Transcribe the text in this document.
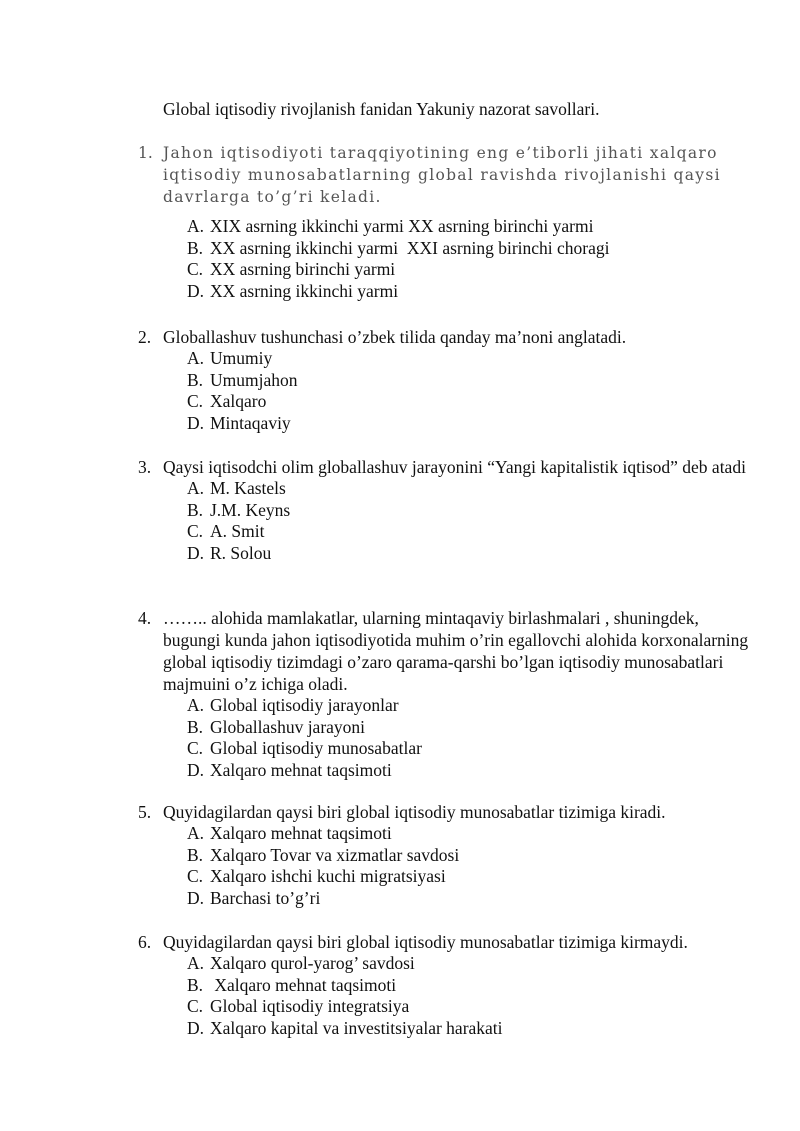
Global iqtisodiy rivojlanish fanidan Yakuniy nazorat savollari.
1. Jahon iqtisodiyoti taraqqiyotining eng e’tiborli jihati xalqaro iqtisodiy munosabatlarning global ravishda rivojlanishi qaysi davrlarga to’g’ri keladi.
A. XIX asrning ikkinchi yarmi XX asrning birinchi yarmi
B. XX asrning ikkinchi yarmi  XXI asrning birinchi choragi
C. XX asrning birinchi yarmi
D. XX asrning ikkinchi yarmi
2. Globallashuv tushunchasi o’zbek tilida qanday ma’noni anglatadi.
A. Umumiy
B. Umumjahon
C. Xalqaro
D. Mintaqaviy
3. Qaysi iqtisodchi olim globallashuv jarayonini “Yangi kapitalistik iqtisod” deb atadi
A. M. Kastels
B. J.M. Keyns
C. A. Smit
D. R. Solou
4. …….. alohida mamlakatlar, ularning mintaqaviy birlashmalari , shuningdek, bugungi kunda jahon iqtisodiyotida muhim o’rin egallovchi alohida korxonalarning global iqtisodiy tizimdagi o’zaro qarama-qarshi bo’lgan iqtisodiy munosabatlari majmuini o’z ichiga oladi.
A. Global iqtisodiy jarayonlar
B. Globallashuv jarayoni
C. Global iqtisodiy munosabatlar
D. Xalqaro mehnat taqsimoti
5. Quyidagilardan qaysi biri global iqtisodiy munosabatlar tizimiga kiradi.
A. Xalqaro mehnat taqsimoti
B. Xalqaro Tovar va xizmatlar savdosi
C. Xalqaro ishchi kuchi migratsiyasi
D. Barchasi to’g’ri
6. Quyidagilardan qaysi biri global iqtisodiy munosabatlar tizimiga kirmaydi.
A. Xalqaro qurol-yarog’ savdosi
B. Xalqaro mehnat taqsimoti
C. Global iqtisodiy integratsiya
D. Xalqaro kapital va investitsiyalar harakati
